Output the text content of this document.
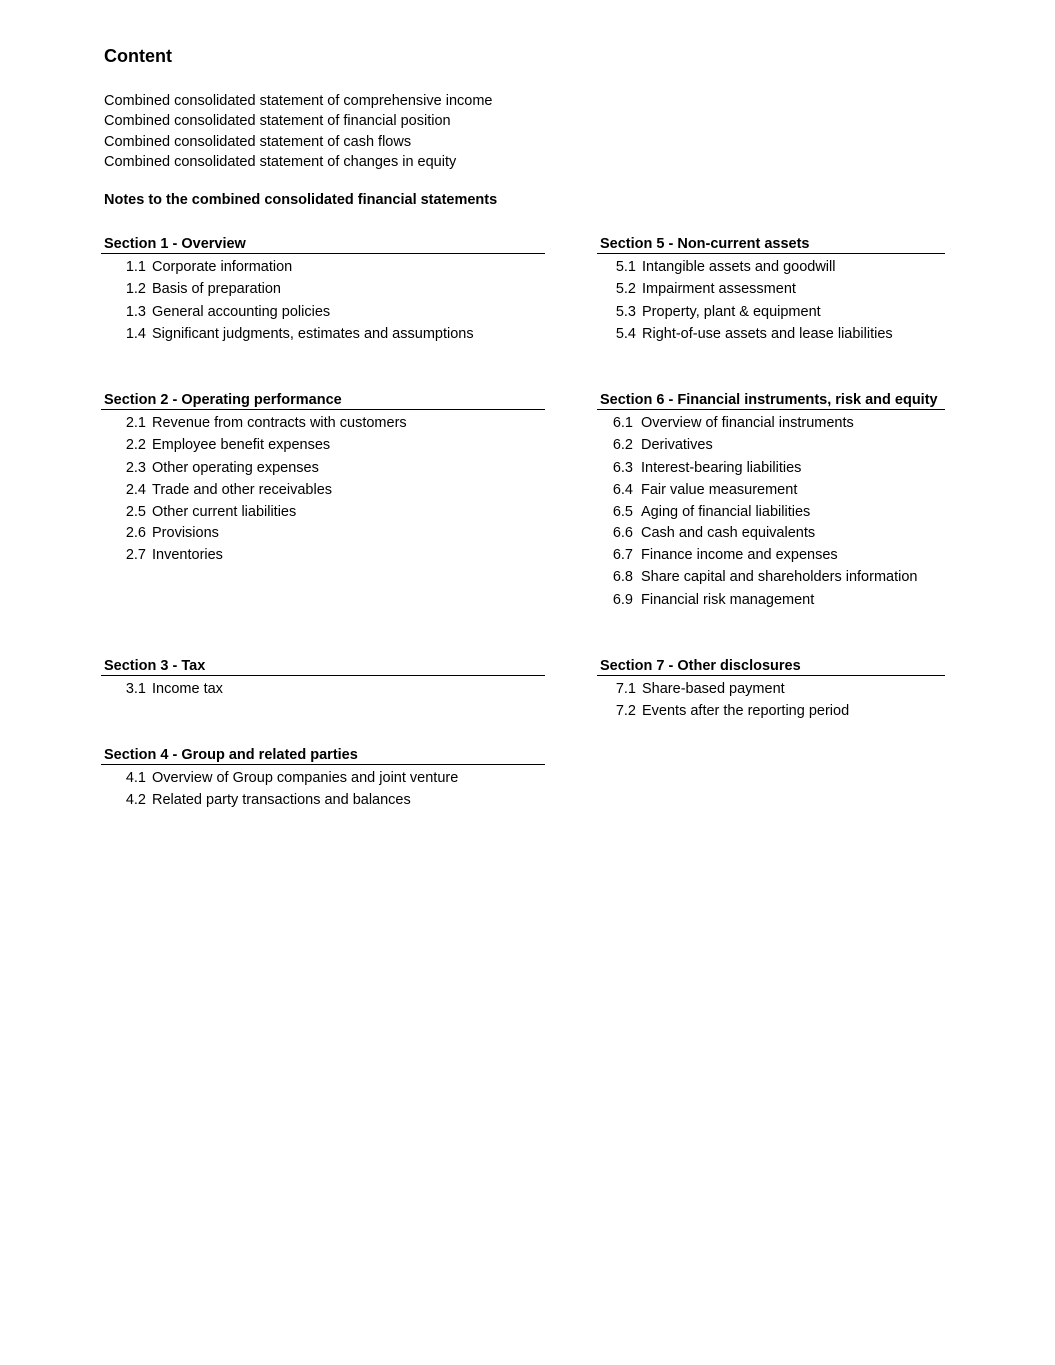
Content
Combined consolidated statement of comprehensive income
Combined consolidated statement of financial position
Combined consolidated statement of cash flows
Combined consolidated statement of changes in equity
Notes to the combined consolidated financial statements
Section 1 - Overview
1.1 Corporate information
1.2 Basis of preparation
1.3 General accounting policies
1.4 Significant judgments, estimates and assumptions
Section 2 - Operating performance
2.1 Revenue from contracts with customers
2.2 Employee benefit expenses
2.3 Other operating expenses
2.4 Trade and other receivables
2.5 Other current liabilities
2.6 Provisions
2.7 Inventories
Section 3 - Tax
3.1 Income tax
Section 4 - Group and related parties
4.1 Overview of Group companies and joint venture
4.2 Related party transactions and balances
Section 5 - Non-current assets
5.1 Intangible assets and goodwill
5.2 Impairment assessment
5.3 Property, plant & equipment
5.4 Right-of-use assets and lease liabilities
Section 6 - Financial instruments, risk and equity
6.1 Overview of financial instruments
6.2 Derivatives
6.3 Interest-bearing liabilities
6.4 Fair value measurement
6.5 Aging of financial liabilities
6.6 Cash and cash equivalents
6.7 Finance income and expenses
6.8 Share capital and shareholders information
6.9 Financial risk management
Section 7 - Other disclosures
7.1 Share-based payment
7.2 Events after the reporting period
